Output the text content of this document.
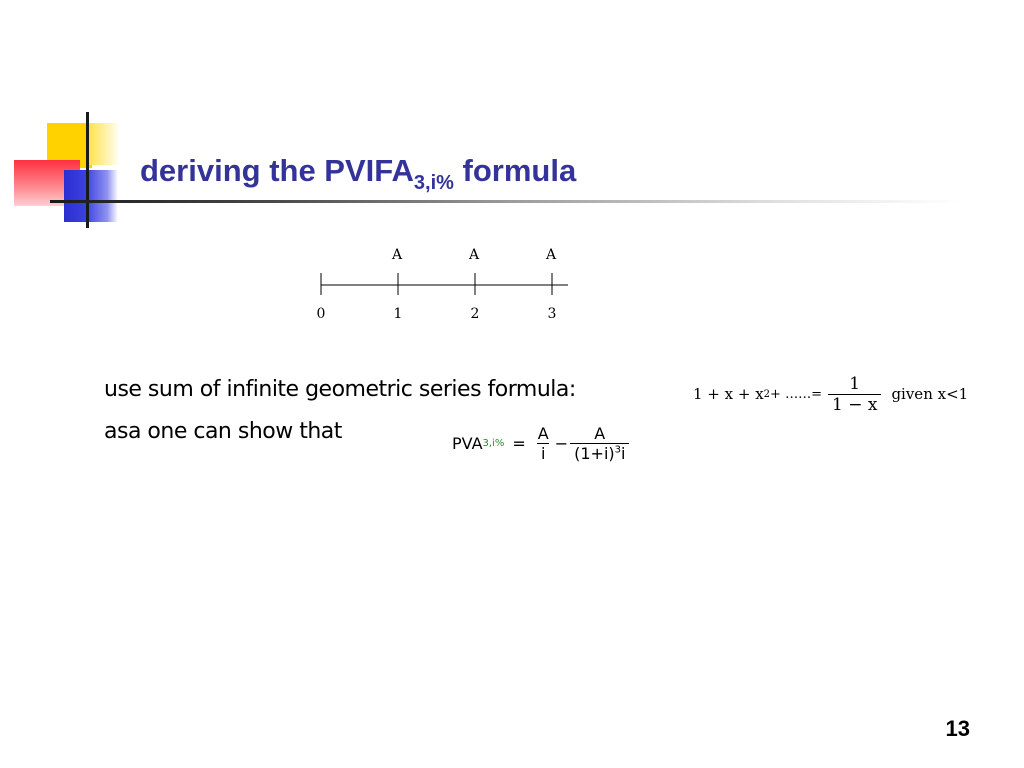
deriving the $PVIFA_{3,i\%}$ formula
A	A	A
0	1	2	3
use sum of infinite geometric series formula:
asa one can show that
1 + x + x 2 + ……= $\frac{1}{1 - x}$ given x<1
PVA $3,i\% = \frac{A}{i} - \frac{A}{(1+i)^3i}$
13
